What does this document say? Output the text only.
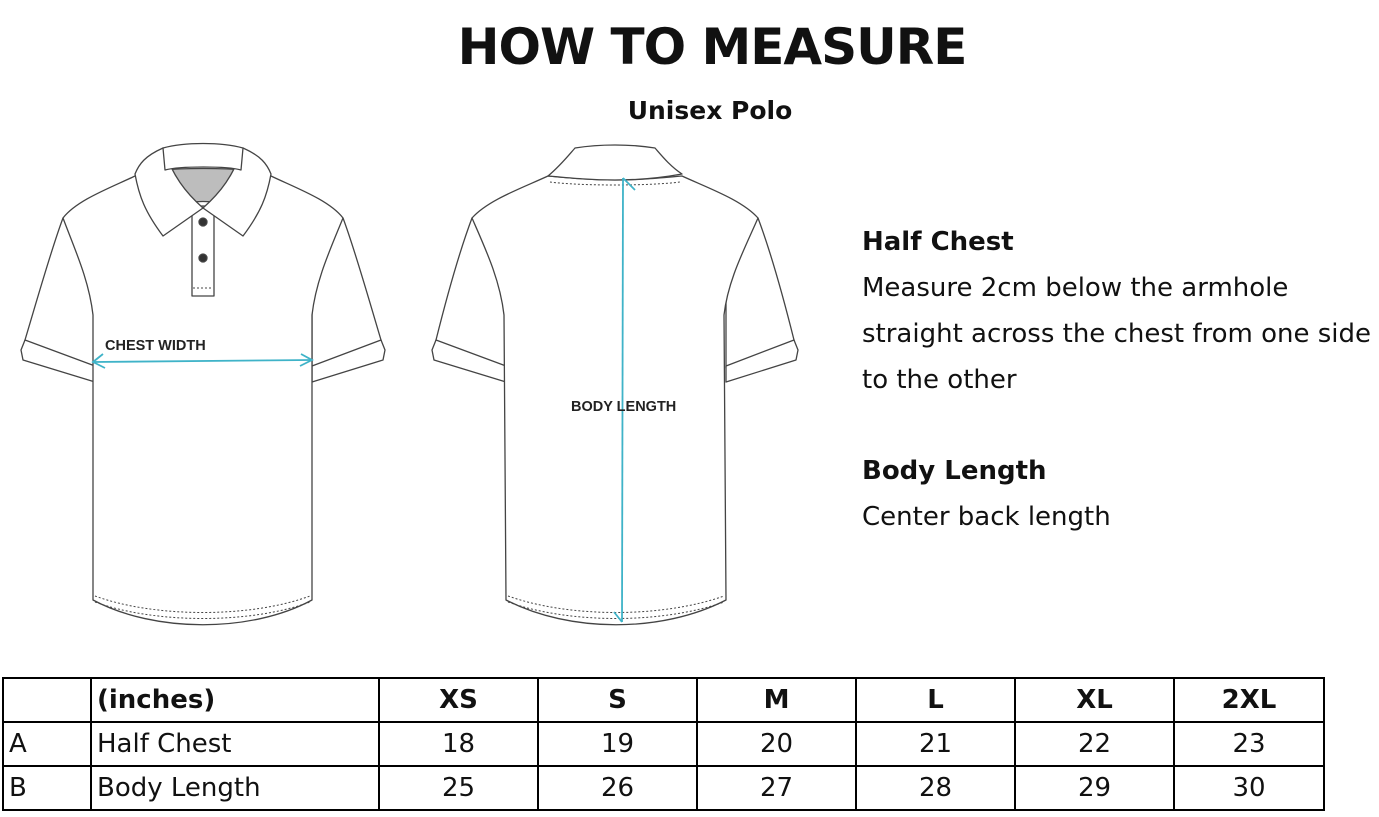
HOW TO MEASURE
Unisex Polo
CHEST WIDTH
BODY LENGTH
Half Chest
Measure 2cm below the armhole
straight across the chest from one side
to the other
Body Length
Center back length
	(inches)	XS	S	M	L	XL	2XL
A	Half Chest	18	19	20	21	22	23
B	Body Length	25	26	27	28	29	30
